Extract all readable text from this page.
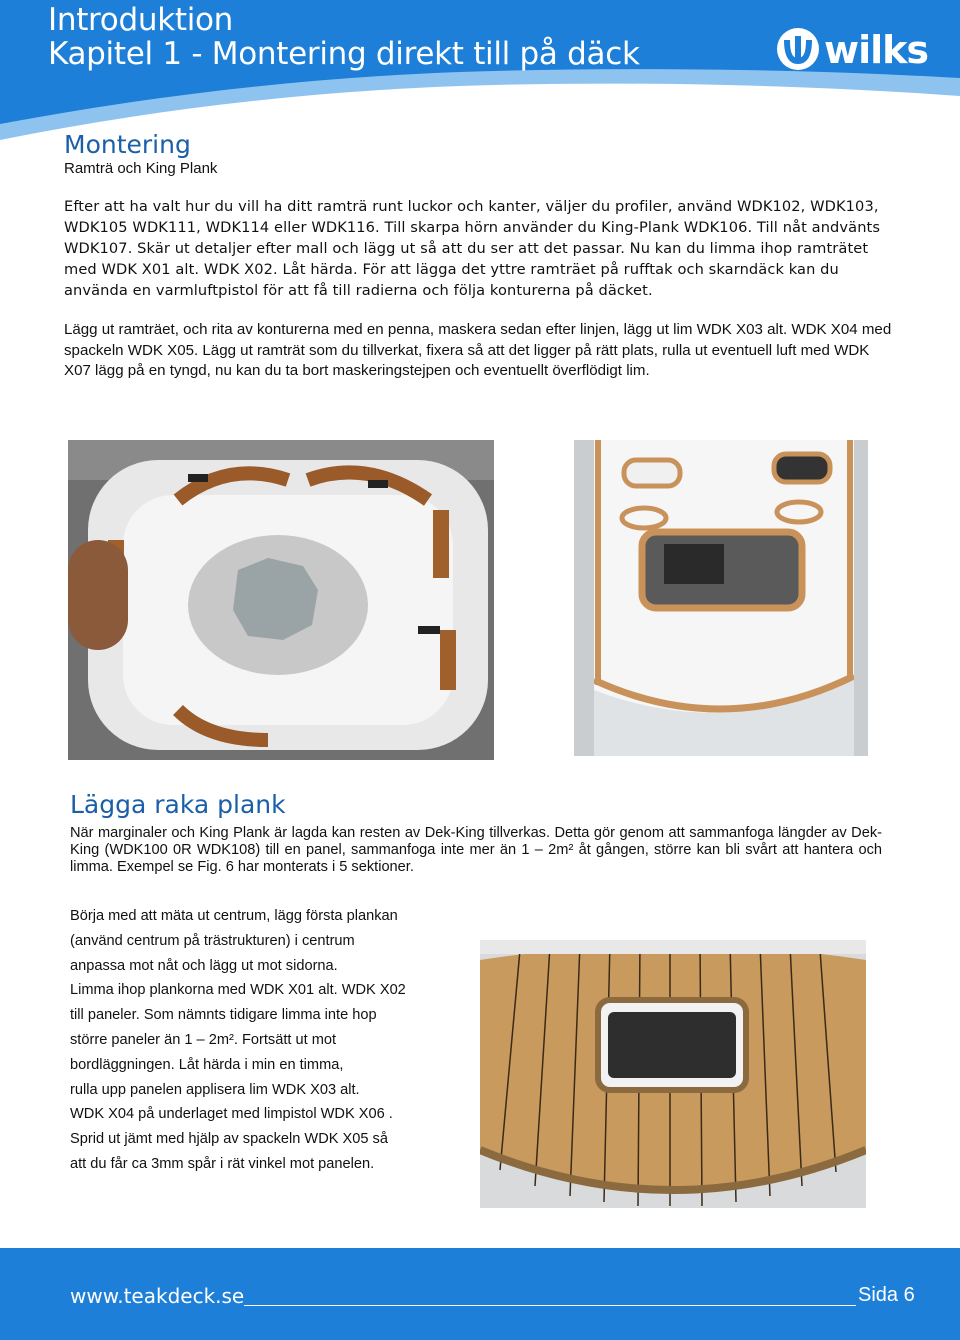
Introduktion
Kapitel 1 - Montering direkt till på däck	wilks
Montering
Ramträ och King Plank
Efter att ha valt hur du vill ha ditt ramträ runt luckor och kanter, väljer du profiler, använd WDK102, WDK103, WDK105 WDK111, WDK114 eller WDK116. Till skarpa hörn använder du King-Plank WDK106. Till nåt andvänts WDK107. Skär ut detaljer efter mall och lägg ut så att du ser att det passar. Nu kan du limma ihop ramträtet med WDK X01 alt. WDK X02. Låt härda. För att lägga det yttre ramträet på rufftak och skarndäck kan du använda en varmluftpistol för att få till radierna och följa konturerna på däcket.
Lägg ut ramträet, och rita av konturerna med en penna, maskera sedan efter linjen, lägg ut lim WDK X03 alt. WDK X04 med spackeln WDK X05. Lägg ut ramträt som du tillverkat, fixera så att det ligger på rätt plats, rulla ut eventuell luft med WDK X07 lägg på en tyngd, nu kan du ta bort maskeringstejpen och eventuellt överflödigt lim.
Lägga raka plank
När marginaler och King Plank är lagda kan resten av Dek-King tillverkas. Detta gör genom att sammanfoga längder av Dek-King (WDK100 0R WDK108) till en panel, sammanfoga inte mer än 1 – 2m² åt gången, större kan bli svårt att hantera och limma. Exempel se Fig. 6 har monterats i 5 sektioner.
Börja med att mäta ut centrum, lägg första plankan
(använd centrum på trästrukturen) i centrum
anpassa mot nåt och lägg ut mot sidorna.
Limma ihop plankorna med WDK X01 alt. WDK X02
till paneler. Som nämnts tidigare limma inte hop
större paneler än 1 – 2m². Fortsätt ut mot
bordläggningen. Låt härda i min en timma,
rulla upp panelen applisera lim WDK X03 alt.
WDK X04 på underlaget med limpistol WDK X06 .
Sprid ut jämt med hjälp av spackeln WDK X05 så
att du får ca 3mm spår i rät vinkel mot panelen.
www.teakdeck.se	Sida 6
